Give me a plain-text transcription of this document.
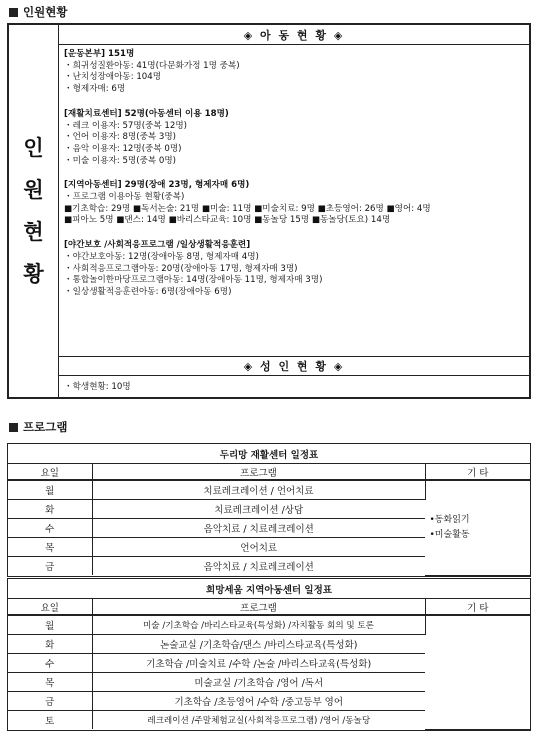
인원현황
인
원
현
황
◈ 아 동 현 황 ◈
[운동본부] 151명
・희귀성질환아동: 41명(다문화가정 1명 중복)
・난치성장애아동: 104명
・형제자매: 6명
[재활치료센터] 52명(아동센터 이용 18명)
・레크 이용자: 57명(중복 12명)
・언어 이용자: 8명(중복 3명)
・음악 이용자: 12명(중복 0명)
・미술 이용자: 5명(중복 0명)
[지역아동센터] 29명(장애 23명, 형제자매 6명)
・프로그램 이용아동 현황(중복)
■기초학습: 29명 ■독서논술: 21명 ■미술: 11명 ■미술치료: 9명 ■초등영어: 26명 ■영어: 4명
■피아노 5명 ■댄스: 14명 ■바리스타교육: 10명 ■동놀당 15명 ■동놀당(토요) 14명
[야간보호 /사회적응프로그램 /일상생활적응훈련]
・야간보호아동: 12명(장애아동 8명, 형제자매 4명)
・사회적응프로그램아동: 20명(장애아동 17명, 형제자매 3명)
・통합놀이한마당프로그램아동: 14명(장애아동 11명, 형제자매 3명)
・일상생활적응훈련아동: 6명(장애아동 6명)
◈ 성 인 현 황 ◈
・학생현황: 10명
프로그램
두리망 재활센터 일정표
요일	프로그램	기 타
월	치료레크레이션 / 언어치료	•동화읽기
•미술활동

화	치료레크레이션 /상담	
수	음악치료 / 치료레크레이션	
목	언어치료	
금	음악치료 / 치료레크레이션	
희망세움 지역아동센터 일정표
요일	프로그램	기 타
월	미술 /기초학습 /바리스타교육(특성화) /자치활동 회의 및 토론	
화	논술교실 /기초학습/댄스 /바리스타교육(특성화)	
수	기초학습 /미술치료 /수학 /논술 /바리스타교육(특성화)	
목	미술교실 /기초학습 /영어 /독서	
금	기초학습 /초등영어 /수학 /중고등부 영어	
토	레크레이션 /주말체험교실(사회적응프로그램) /영어 /동놀당	
